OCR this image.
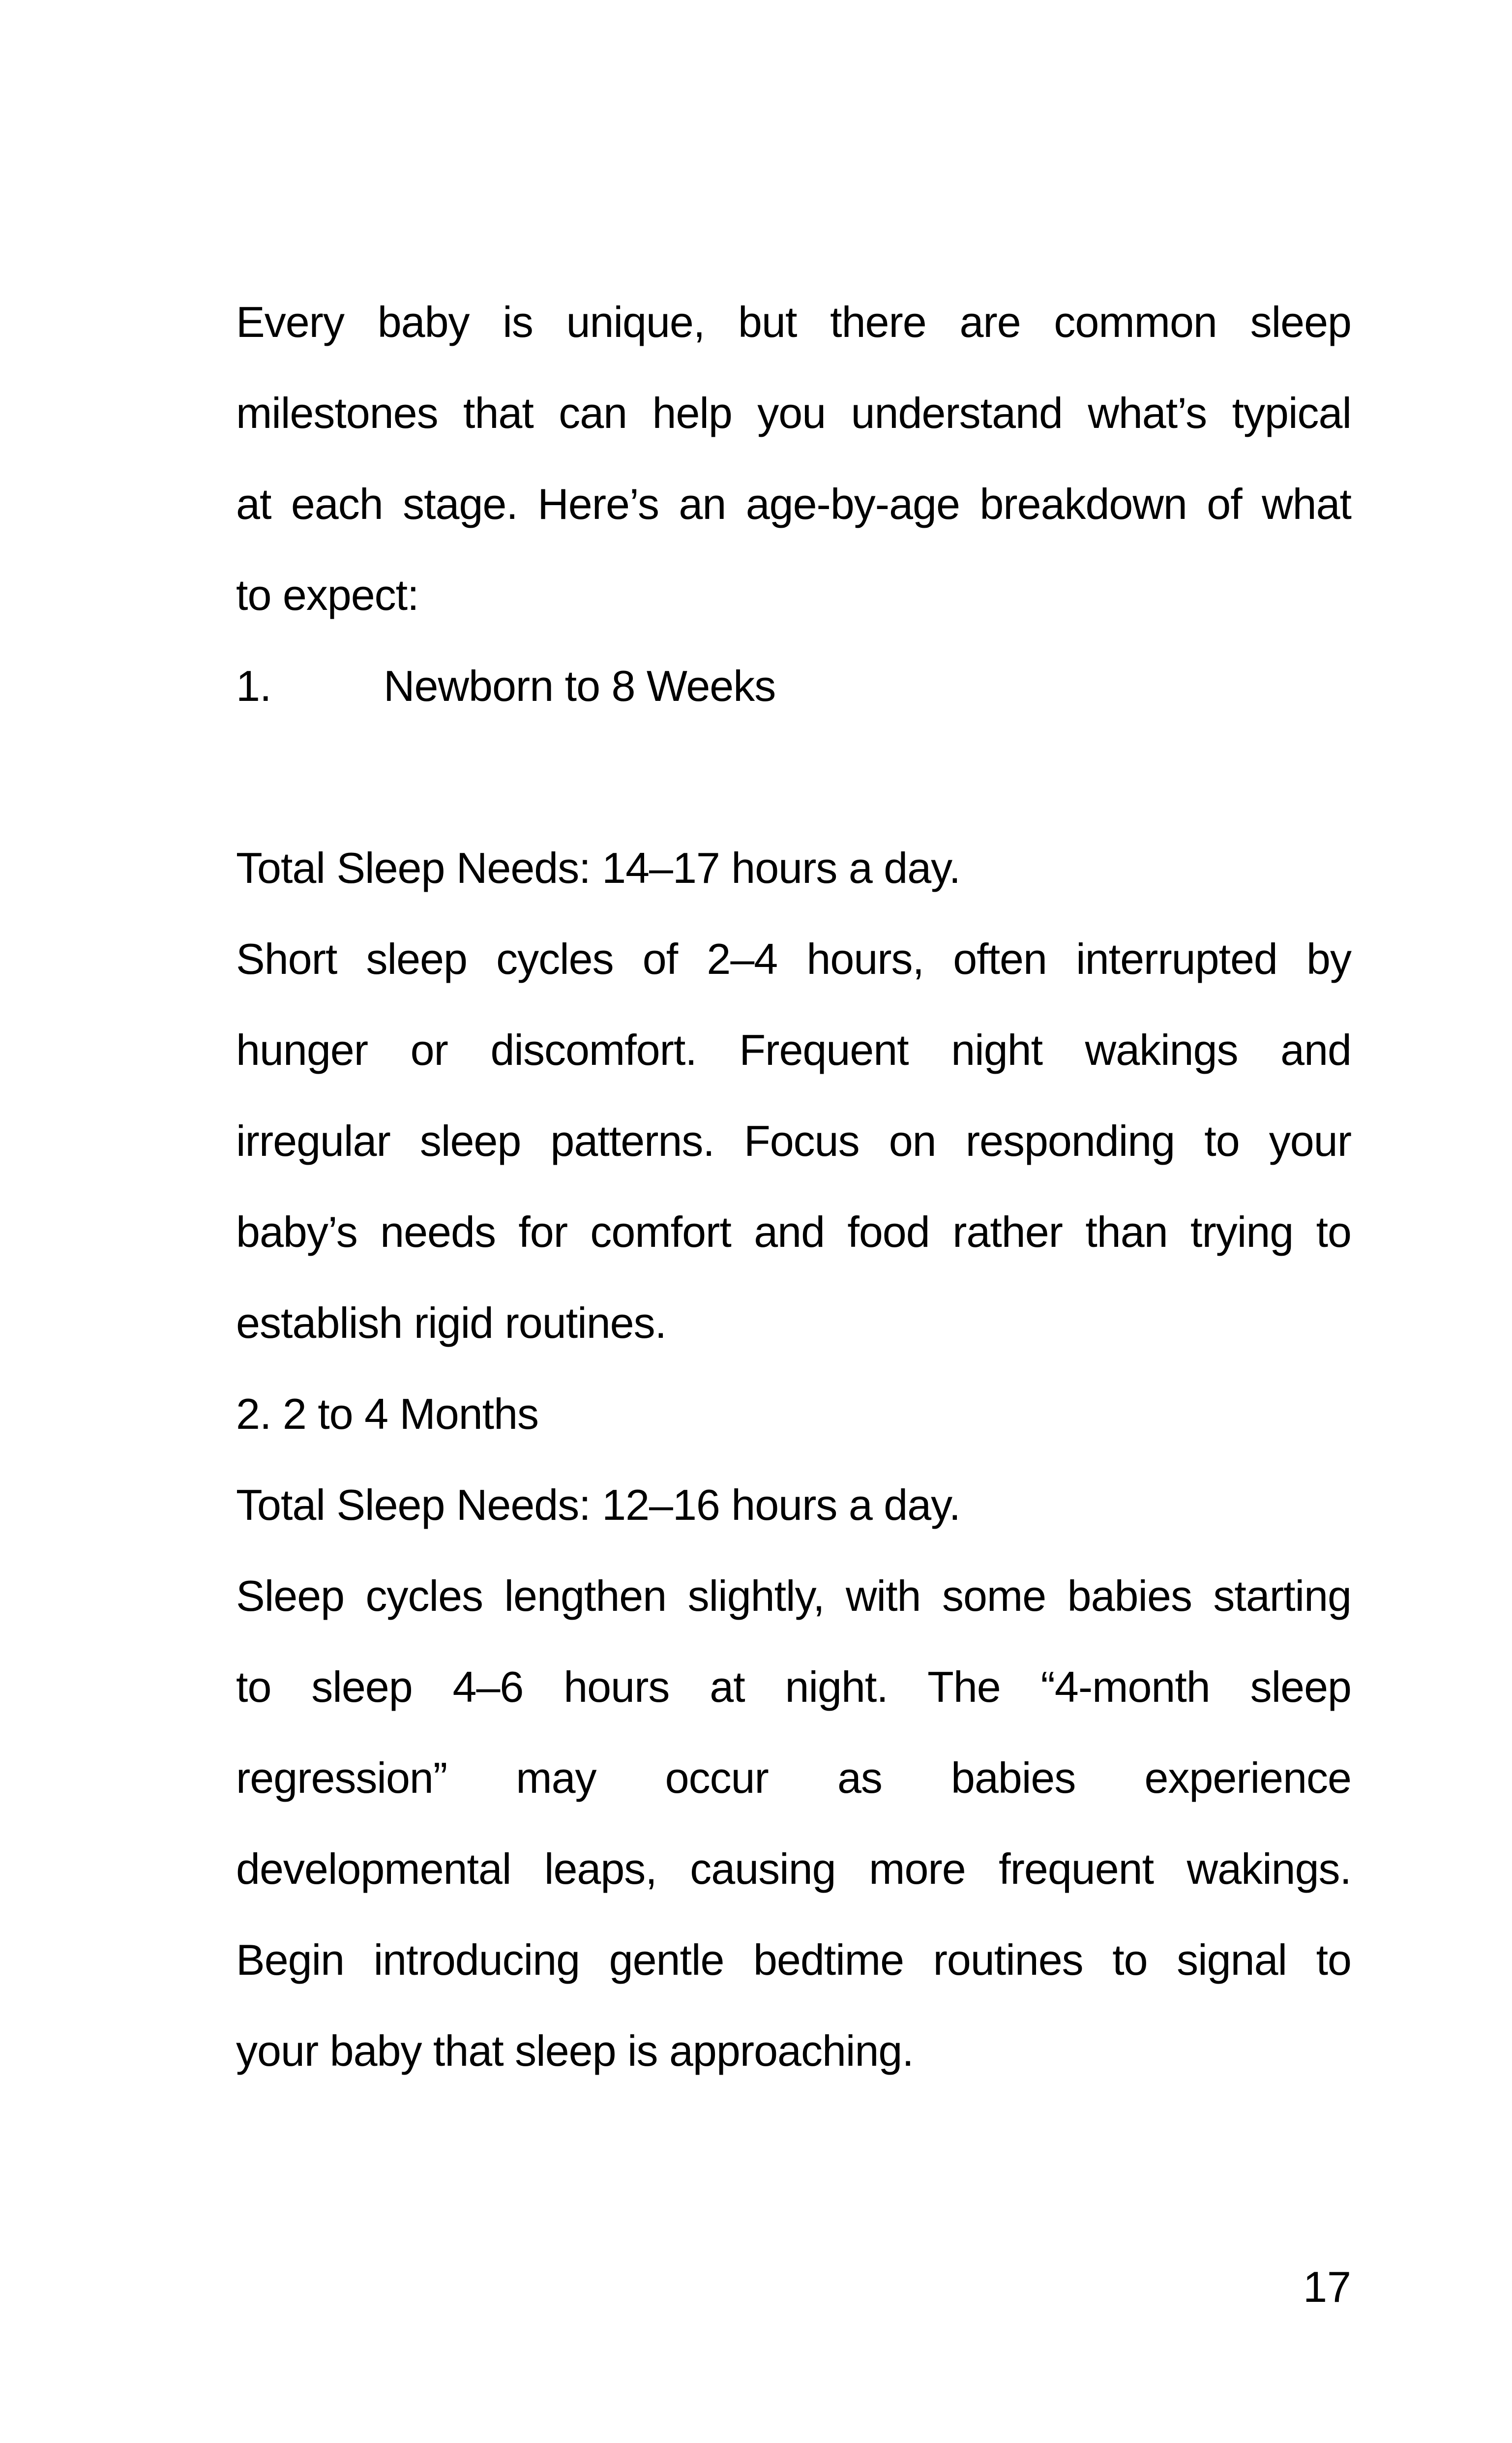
Every baby is unique, but there are common sleep
milestones that can help you understand what’s typical
at each stage. Here’s an age-by-age breakdown of what
to expect:
1.	Newborn to 8 Weeks
Total Sleep Needs: 14–17 hours a day.
Short sleep cycles of 2–4 hours, often interrupted by
hunger or discomfort. Frequent night wakings and
irregular sleep patterns. Focus on responding to your
baby’s needs for comfort and food rather than trying to
establish rigid routines.
2. 2 to 4 Months
Total Sleep Needs: 12–16 hours a day.
Sleep cycles lengthen slightly, with some babies starting
to sleep 4–6 hours at night. The “4-month sleep
regression” may occur as babies experience
developmental leaps, causing more frequent wakings.
Begin introducing gentle bedtime routines to signal to
your baby that sleep is approaching.
17
